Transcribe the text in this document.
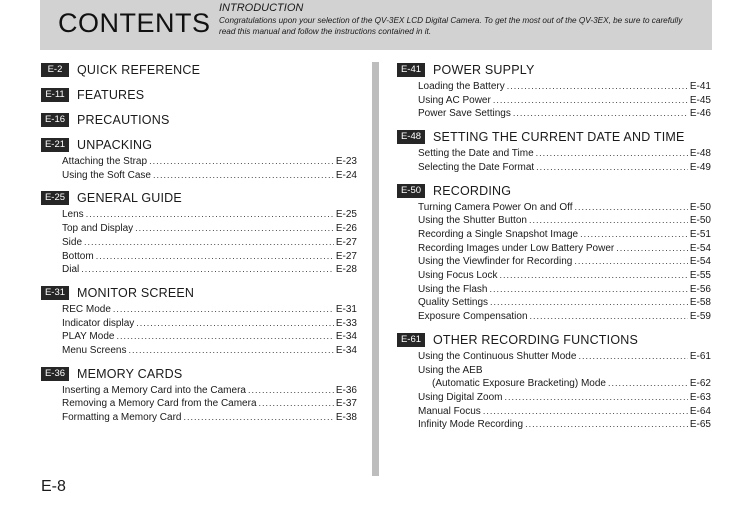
CONTENTS INTRODUCTION
Congratulations upon your selection of the QV-3EX LCD Digital Camera. To get the most out of the QV-3EX, be sure to carefully read this manual and follow the instructions contained in it.
E-2	QUICK REFERENCE
E-11 FEATURES
E-16 PRECAUTIONS
E-21 UNPACKING
Attaching the Strap .....	E-23
Using the Soft Case .....	E-24
E-25 GENERAL GUIDE
Lens .....	E-25
Top and Display .....	E-26
Side .....	E-27
Bottom .....	E-27
Dial .....	E-28
E-31 MONITOR SCREEN
REC Mode .....	E-31
Indicator display .....	E-33
PLAY Mode .....	E-34
Menu Screens .....	E-34
E-36 MEMORY CARDS
Inserting a Memory Card into the Camera .....	E-36
Removing a Memory Card from the Camera .....	E-37
Formatting a Memory Card .....	E-38
E-41 POWER SUPPLY
Loading the Battery .....	E-41
Using AC Power .....	E-45
Power Save Settings .....	E-46
E-48 SETTING THE CURRENT DATE AND TIME
Setting the Date and Time .....	E-48
Selecting the Date Format .....	E-49
E-50 RECORDING
Turning Camera Power On and Off .....	E-50
Using the Shutter Button .....	E-50
Recording a Single Snapshot Image .....	E-51
Recording Images under Low Battery Power .....	E-54
Using the Viewfinder for Recording .....	E-54
Using Focus Lock .....	E-55
Using the Flash .....	E-56
Quality Settings .....	E-58
Exposure Compensation .....	E-59
E-61 OTHER RECORDING FUNCTIONS
Using the Continuous Shutter Mode .....	E-61
Using the AEB
(Automatic Exposure Bracketing) Mode .....	E-62
Using Digital Zoom .....	E-63
Manual Focus .....	E-64
Infinity Mode Recording .....	E-65
E-8
